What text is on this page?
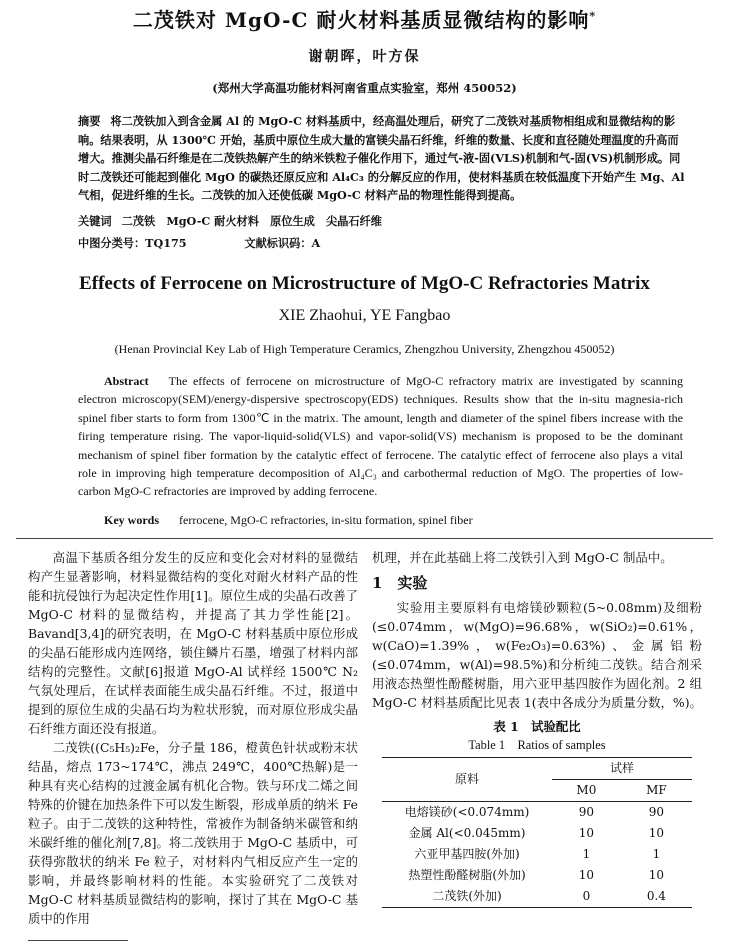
二茂铁对 MgO-C 耐火材料基质显微结构的影响*
谢朝晖，叶方保
(郑州大学高温功能材料河南省重点实验室，郑州 450052)
摘要 将二茂铁加入到含金属 Al 的 MgO-C 材料基质中，经高温处理后，研究了二茂铁对基质物相组成和显微结构的影响。结果表明，从 1300℃ 开始，基质中原位生成大量的富镁尖晶石纤维，纤维的数量、长度和直径随处理温度的升高而增大。推测尖晶石纤维是在二茂铁热解产生的纳米铁粒子催化作用下，通过气-液-固(VLS)机制和气-固(VS)机制形成。同时二茂铁还可能起到催化 MgO 的碳热还原反应和 Al₄C₃ 的分解反应的作用，使材料基质在较低温度下开始产生 Mg、Al 气相，促进纤维的生长。二茂铁的加入还使低碳 MgO-C 材料产品的物理性能得到提高。
关键词 二茂铁　MgO-C 耐火材料　原位生成　尖晶石纤维
中图分类号：TQ175	文献标识码：A
Effects of Ferrocene on Microstructure of MgO-C Refractories Matrix
XIE Zhaohui, YE Fangbao
(Henan Provincial Key Lab of High Temperature Ceramics, Zhengzhou University, Zhengzhou 450052)
Abstract The effects of ferrocene on microstructure of MgO-C refractory matrix are investigated by scanning electron microscopy(SEM)/energy-dispersive spectroscopy(EDS) techniques. Results show that the in-situ magnesia-rich spinel fiber starts to form from 1300℃ in the matrix. The amount, length and diameter of the spinel fibers increase with the firing temperature rising. The vapor-liquid-solid(VLS) and vapor-solid(VS) mechanism is proposed to be the dominant mechanism of spinel fiber formation by the catalytic effect of ferrocene. The catalytic effect of ferrocene also plays a vital role in improving high temperature decomposition of Al₄C₃ and carbothermal reduction of MgO. The properties of low-carbon MgO-C refractories are improved by adding ferrocene.
Key words ferrocene, MgO-C refractories, in-situ formation, spinel fiber

高温下基质各组分发生的反应和变化会对材料的显微结构产生显著影响，材料显微结构的变化对耐火材料产品的性能和抗侵蚀行为起决定性作用[1]。原位生成的尖晶石改善了 MgO-C 材料的显微结构，并提高了其力学性能[2]。Bavand[3,4]的研究表明，在 MgO-C 材料基质中原位形成的尖晶石能形成内连网络，锁住鳞片石墨，增强了材料内部结构的完整性。文献[6]报道 MgO-Al 试样经 1500℃ N₂ 气氛处理后，在试样表面能生成尖晶石纤维。不过，报道中提到的原位生成的尖晶石均为粒状形貌，而对原位形成尖晶石纤维方面还没有报道。

二茂铁((C₅H₅)₂Fe，分子量 186，橙黄色针状或粉末状结晶，熔点 173~174℃，沸点 249℃，400℃热解)是一种具有夹心结构的过渡金属有机化合物。铁与环戊二烯之间特殊的价键在加热条件下可以发生断裂，形成单质的纳米 Fe 粒子。由于二茂铁的这种特性，常被作为制备纳米碳管和纳米碳纤维的催化剂[7,8]。将二茂铁用于 MgO-C 基质中，可获得弥散状的纳米 Fe 粒子，对材料内气相反应产生一定的影响，并最终影响材料的性能。本实验研究了二茂铁对 MgO-C 材料基质显微结构的影响，探讨了其在 MgO-C 基质中的作用

机理，并在此基础上将二茂铁引入到 MgO-C 制品中。

1　实验

实验用主要原料有电熔镁砂颗粒(5~0.08mm)及细粉(≤0.074mm，w(MgO)=96.68%，w(SiO₂)=0.61%，w(CaO)=1.39%，w(Fe₂O₃)=0.63%)、金属铝粉(≤0.074mm，w(Al)=98.5%)和分析纯二茂铁。结合剂采用液态热塑性酚醛树脂，用六亚甲基四胺作为固化剂。2 组 MgO-C 材料基质配比见表 1(表中各成分为质量分数，%)。

表 1　试验配比
Table 1　Ratios of samples
原料	试样	
	M0	MF
电熔镁砂(<0.074mm)	90	90
金属 Al(<0.045mm)	10	10
六亚甲基四胺(外加)	1	1
热塑性酚醛树脂(外加)	10	10
二茂铁(外加)	0	0.4
